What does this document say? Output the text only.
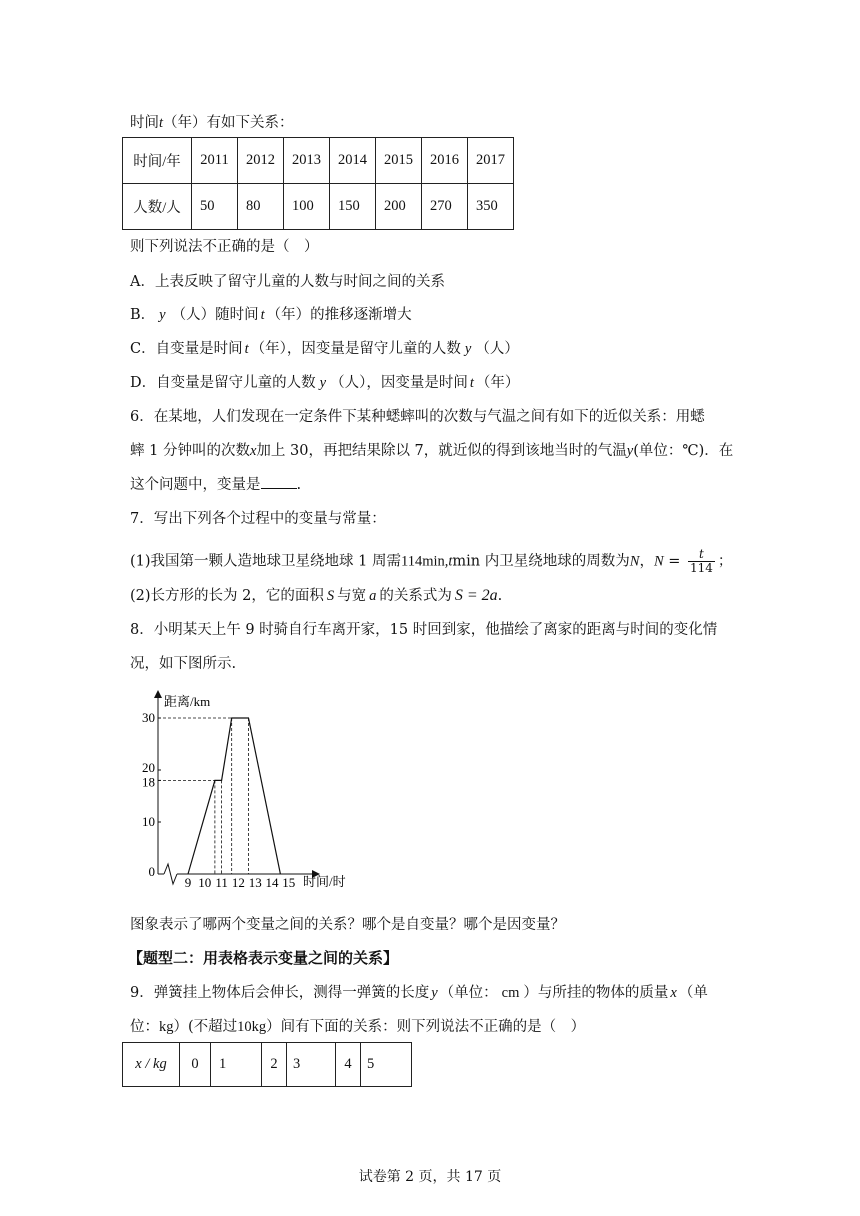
时间t（年）有如下关系：
时间/年	2011	2012	2013	2014	2015	2016	2017
人数/人	50	80	100	150	200	270	350
则下列说法不正确的是（　）
A．上表反映了留守儿童的人数与时间之间的关系
B． y （人）随时间 t （年）的推移逐渐增大
C．自变量是时间 t （年），因变量是留守儿童的人数 y （人）
D．自变量是留守儿童的人数 y （人），因变量是时间 t （年）
6．在某地，人们发现在一定条件下某种蟋蟀叫的次数与气温之间有如下的近似关系：用蟋
蟀 1 分钟叫的次数x加上 30，再把结果除以 7，就近似的得到该地当时的气温y(单位：℃)．在
这个问题中，变量是 .
7．写出下列各个过程中的变量与常量：
(1)我国第一颗人造地球卫星绕地球 1 周需114min,tmin 内卫星绕地球的周数为N，$N = \frac{t}{114}$ ；
(2)长方形的长为 2，它的面积 S 与宽 a 的关系式为 S = 2a.
8．小明某天上午 9 时骑自行车离开家，15 时回到家，他描绘了离家的距离与时间的变化情
况，如下图所示.
9 10 11 12 13 14 15
0
10
18
20
30
距离/km
时间/时
图象表示了哪两个变量之间的关系？哪个是自变量？哪个是因变量？
【题型二：用表格表示变量之间的关系】
9．弹簧挂上物体后会伸长，测得一弹簧的长度 y （单位： cm ）与所挂的物体的质量 x （单
位：kg）(不超过10kg）间有下面的关系：则下列说法不正确的是（　）
x / kg	0	1	2	3	4	5
试卷第 2 页，共 17 页
